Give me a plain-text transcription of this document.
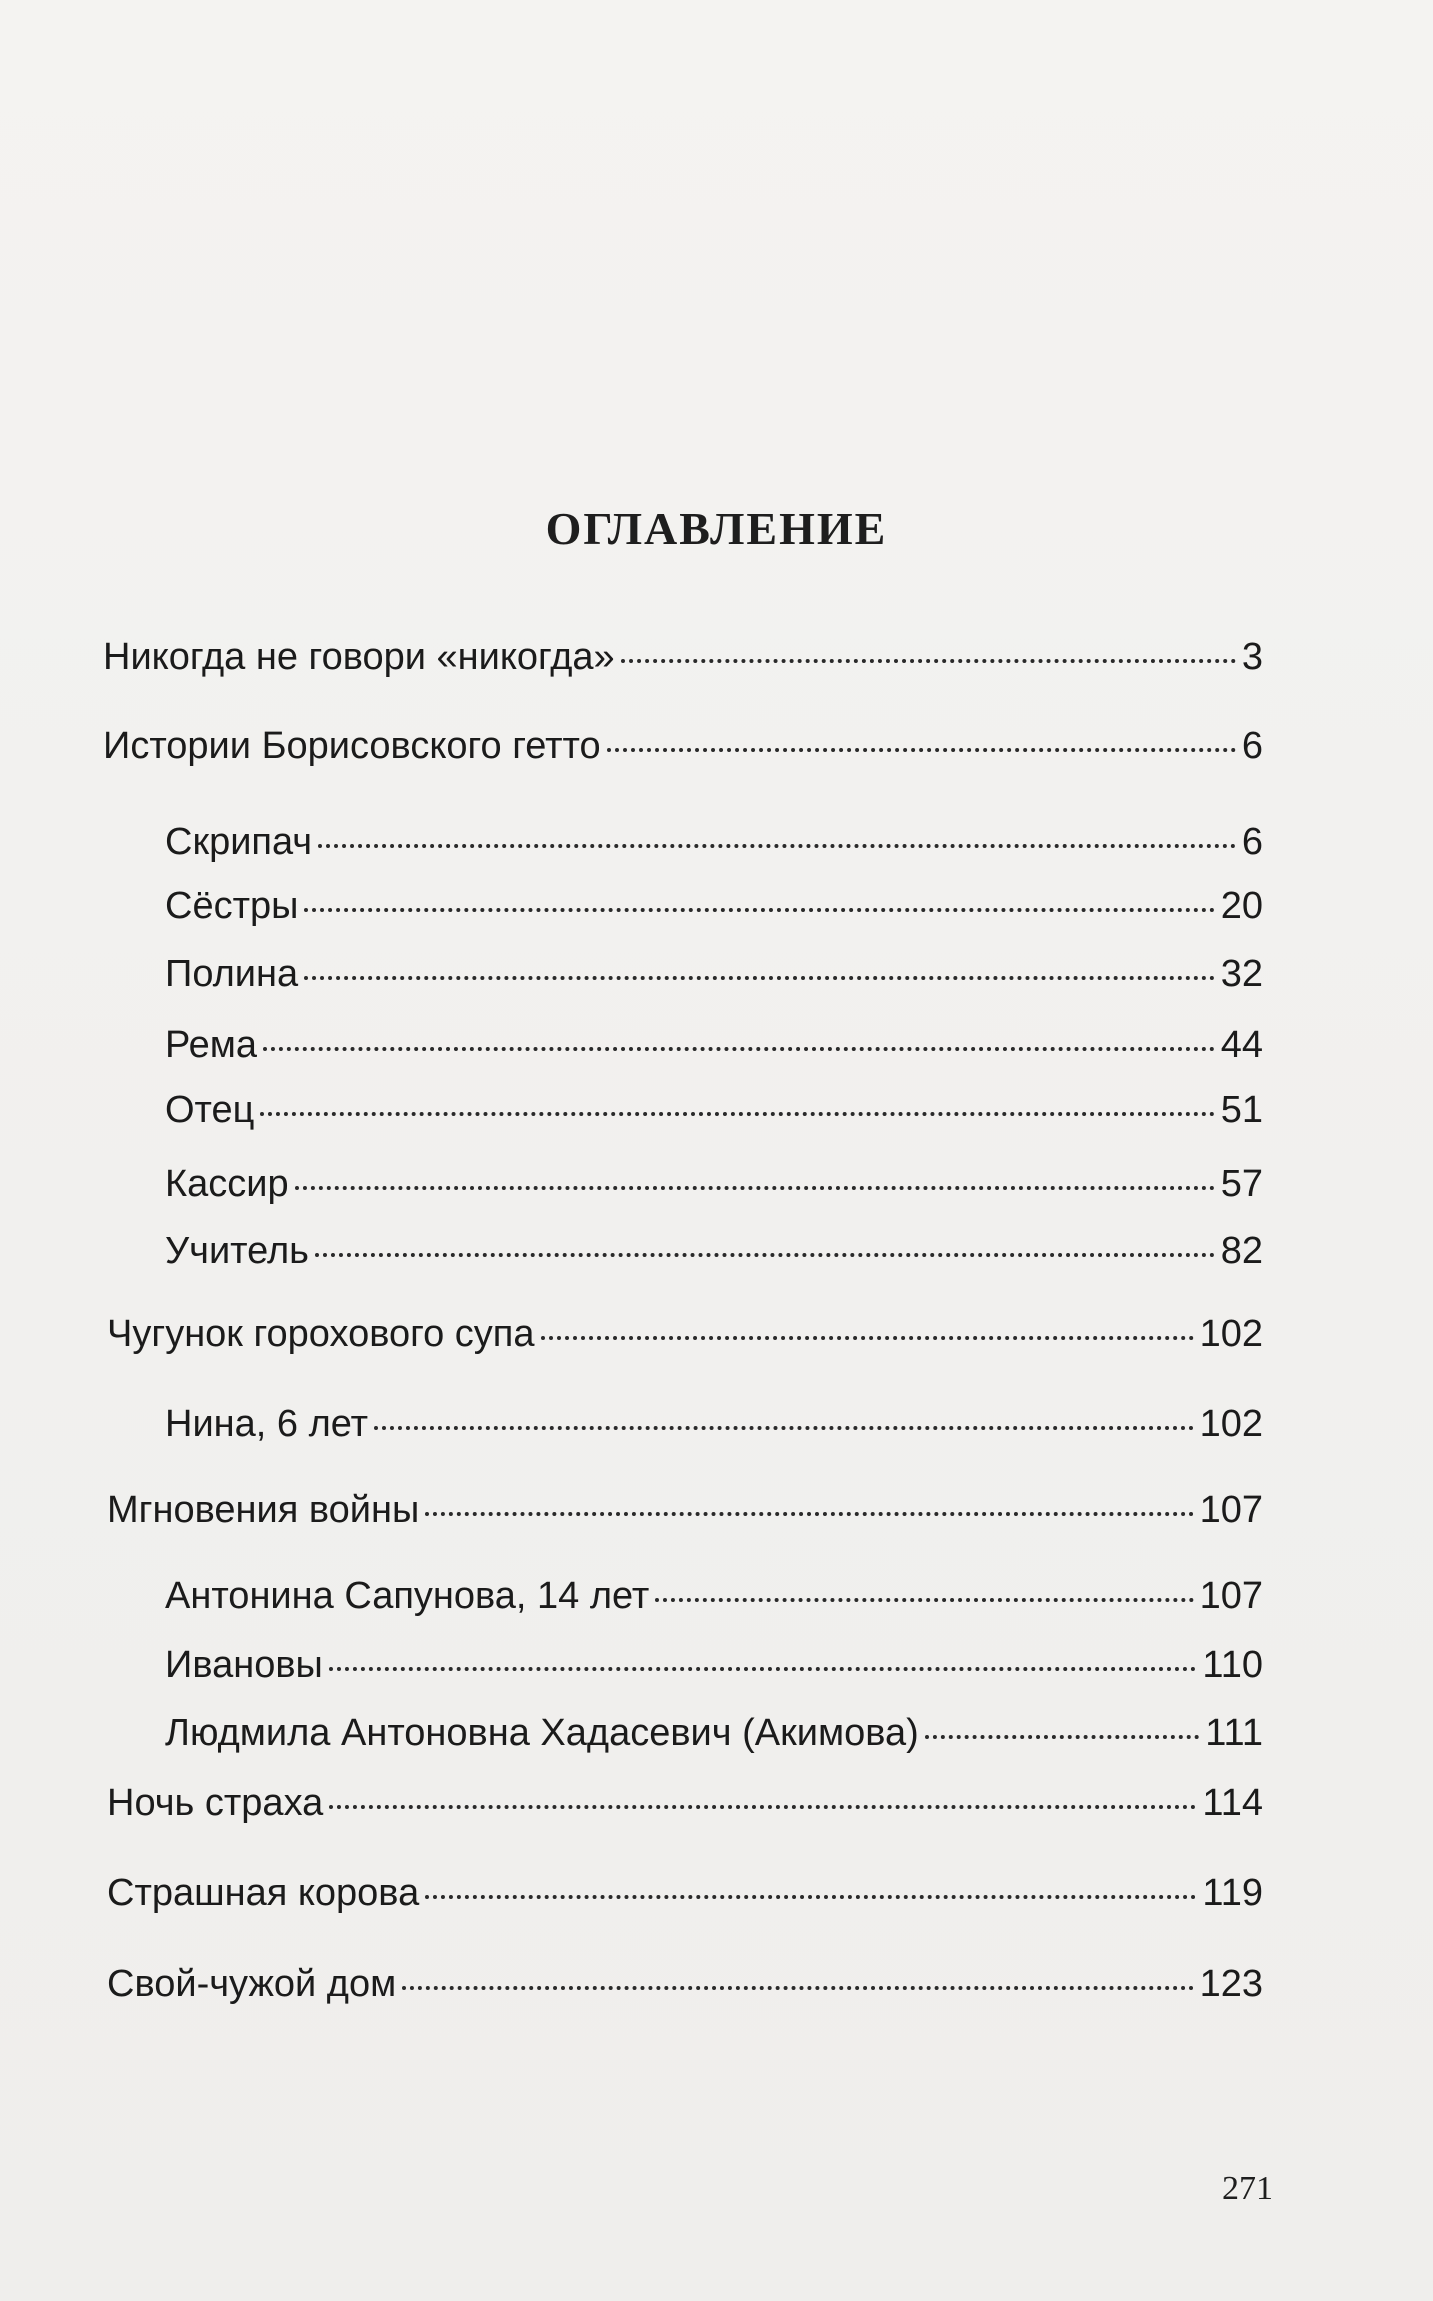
ОГЛАВЛЕНИЕ
Никогда не говори «никогда»	3
Истории Борисовского гетто	6
Скрипач	6
Сёстры	20
Полина	32
Рема	44
Отец	51
Кассир	57
Учитель	82
Чугунок горохового супа	102
Нина, 6 лет	102
Мгновения войны	107
Антонина Сапунова, 14 лет	107
Ивановы	110
Людмила Антоновна Хадасевич (Акимова)	111
Ночь страха	114
Страшная корова	119
Свой-чужой дом	123
271
